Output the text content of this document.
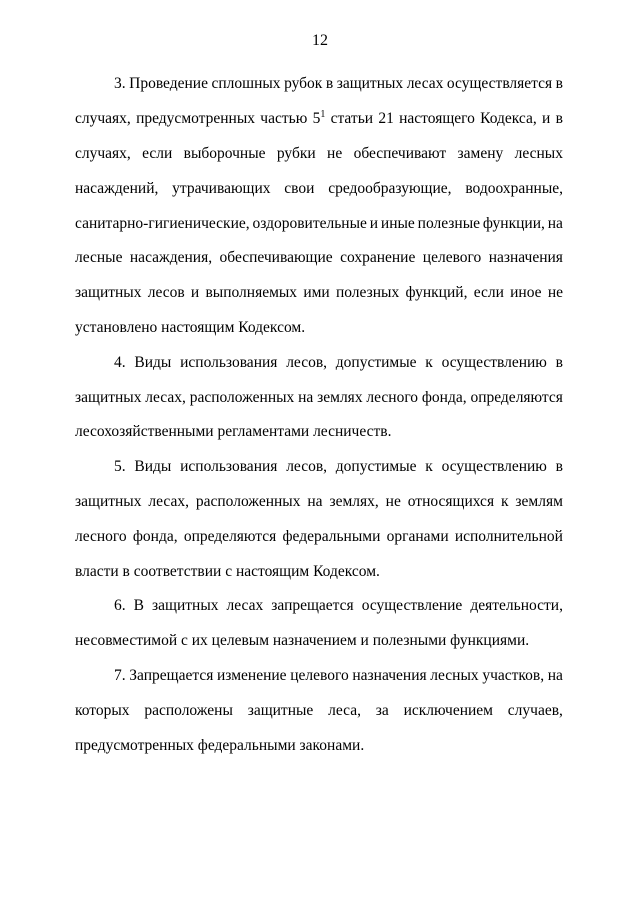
12
3. Проведение сплошных рубок в защитных лесах осуществляется в
случаях, предусмотренных частью $5^1$ статьи 21 настоящего Кодекса, и в
случаях, если выборочные рубки не обеспечивают замену лесных
насаждений, утрачивающих свои средообразующие, водоохранные,
санитарно-гигиенические, оздоровительные и иные полезные функции, на
лесные насаждения, обеспечивающие сохранение целевого назначения
защитных лесов и выполняемых ими полезных функций, если иное не
установлено настоящим Кодексом.
4. Виды использования лесов, допустимые к осуществлению в
защитных лесах, расположенных на землях лесного фонда, определяются
лесохозяйственными регламентами лесничеств.
5. Виды использования лесов, допустимые к осуществлению в
защитных лесах, расположенных на землях, не относящихся к землям
лесного фонда, определяются федеральными органами исполнительной
власти в соответствии с настоящим Кодексом.
6. В защитных лесах запрещается осуществление деятельности,
несовместимой с их целевым назначением и полезными функциями.
7. Запрещается изменение целевого назначения лесных участков, на
которых расположены защитные леса, за исключением случаев,
предусмотренных федеральными законами.
